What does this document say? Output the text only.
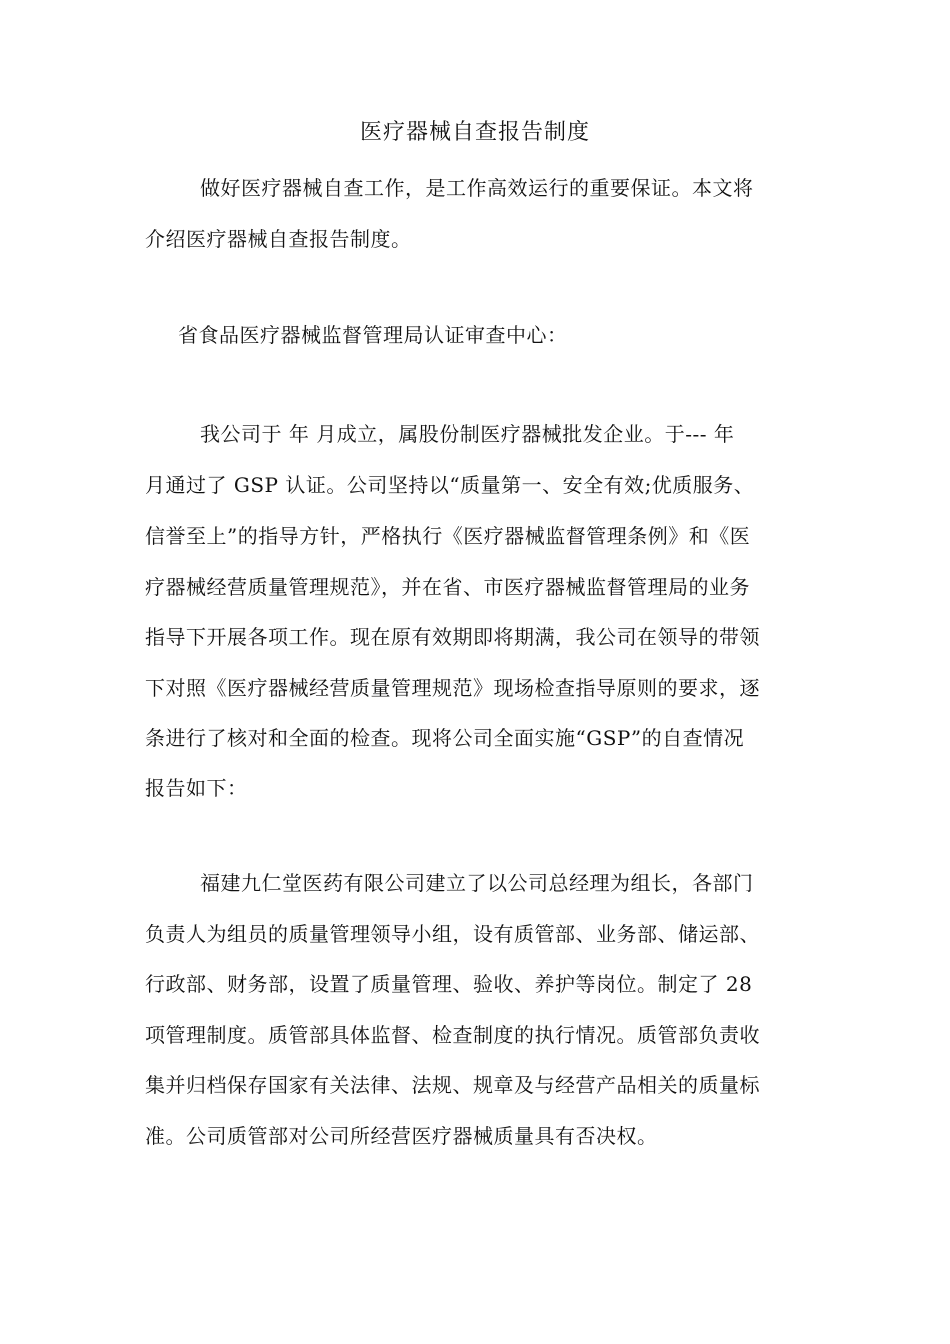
医疗器械自查报告制度
做好医疗器械自查工作，是工作高效运行的重要保证。本文将
介绍医疗器械自查报告制度。
省食品医疗器械监督管理局认证审查中心：
我公司于 年 月成立，属股份制医疗器械批发企业。于--- 年
月通过了 GSP 认证。公司坚持以“质量第一、安全有效;优质服务、
信誉至上”的指导方针，严格执行《医疗器械监督管理条例》和《医
疗器械经营质量管理规范》，并在省、市医疗器械监督管理局的业务
指导下开展各项工作。现在原有效期即将期满，我公司在领导的带领
下对照《医疗器械经营质量管理规范》现场检查指导原则的要求，逐
条进行了核对和全面的检查。现将公司全面实施“GSP”的自查情况
报告如下：
福建九仁堂医药有限公司建立了以公司总经理为组长，各部门
负责人为组员的质量管理领导小组，设有质管部、业务部、储运部、
行政部、财务部，设置了质量管理、验收、养护等岗位。制定了 28
项管理制度。质管部具体监督、检查制度的执行情况。质管部负责收
集并归档保存国家有关法律、法规、规章及与经营产品相关的质量标
准。公司质管部对公司所经营医疗器械质量具有否决权。
